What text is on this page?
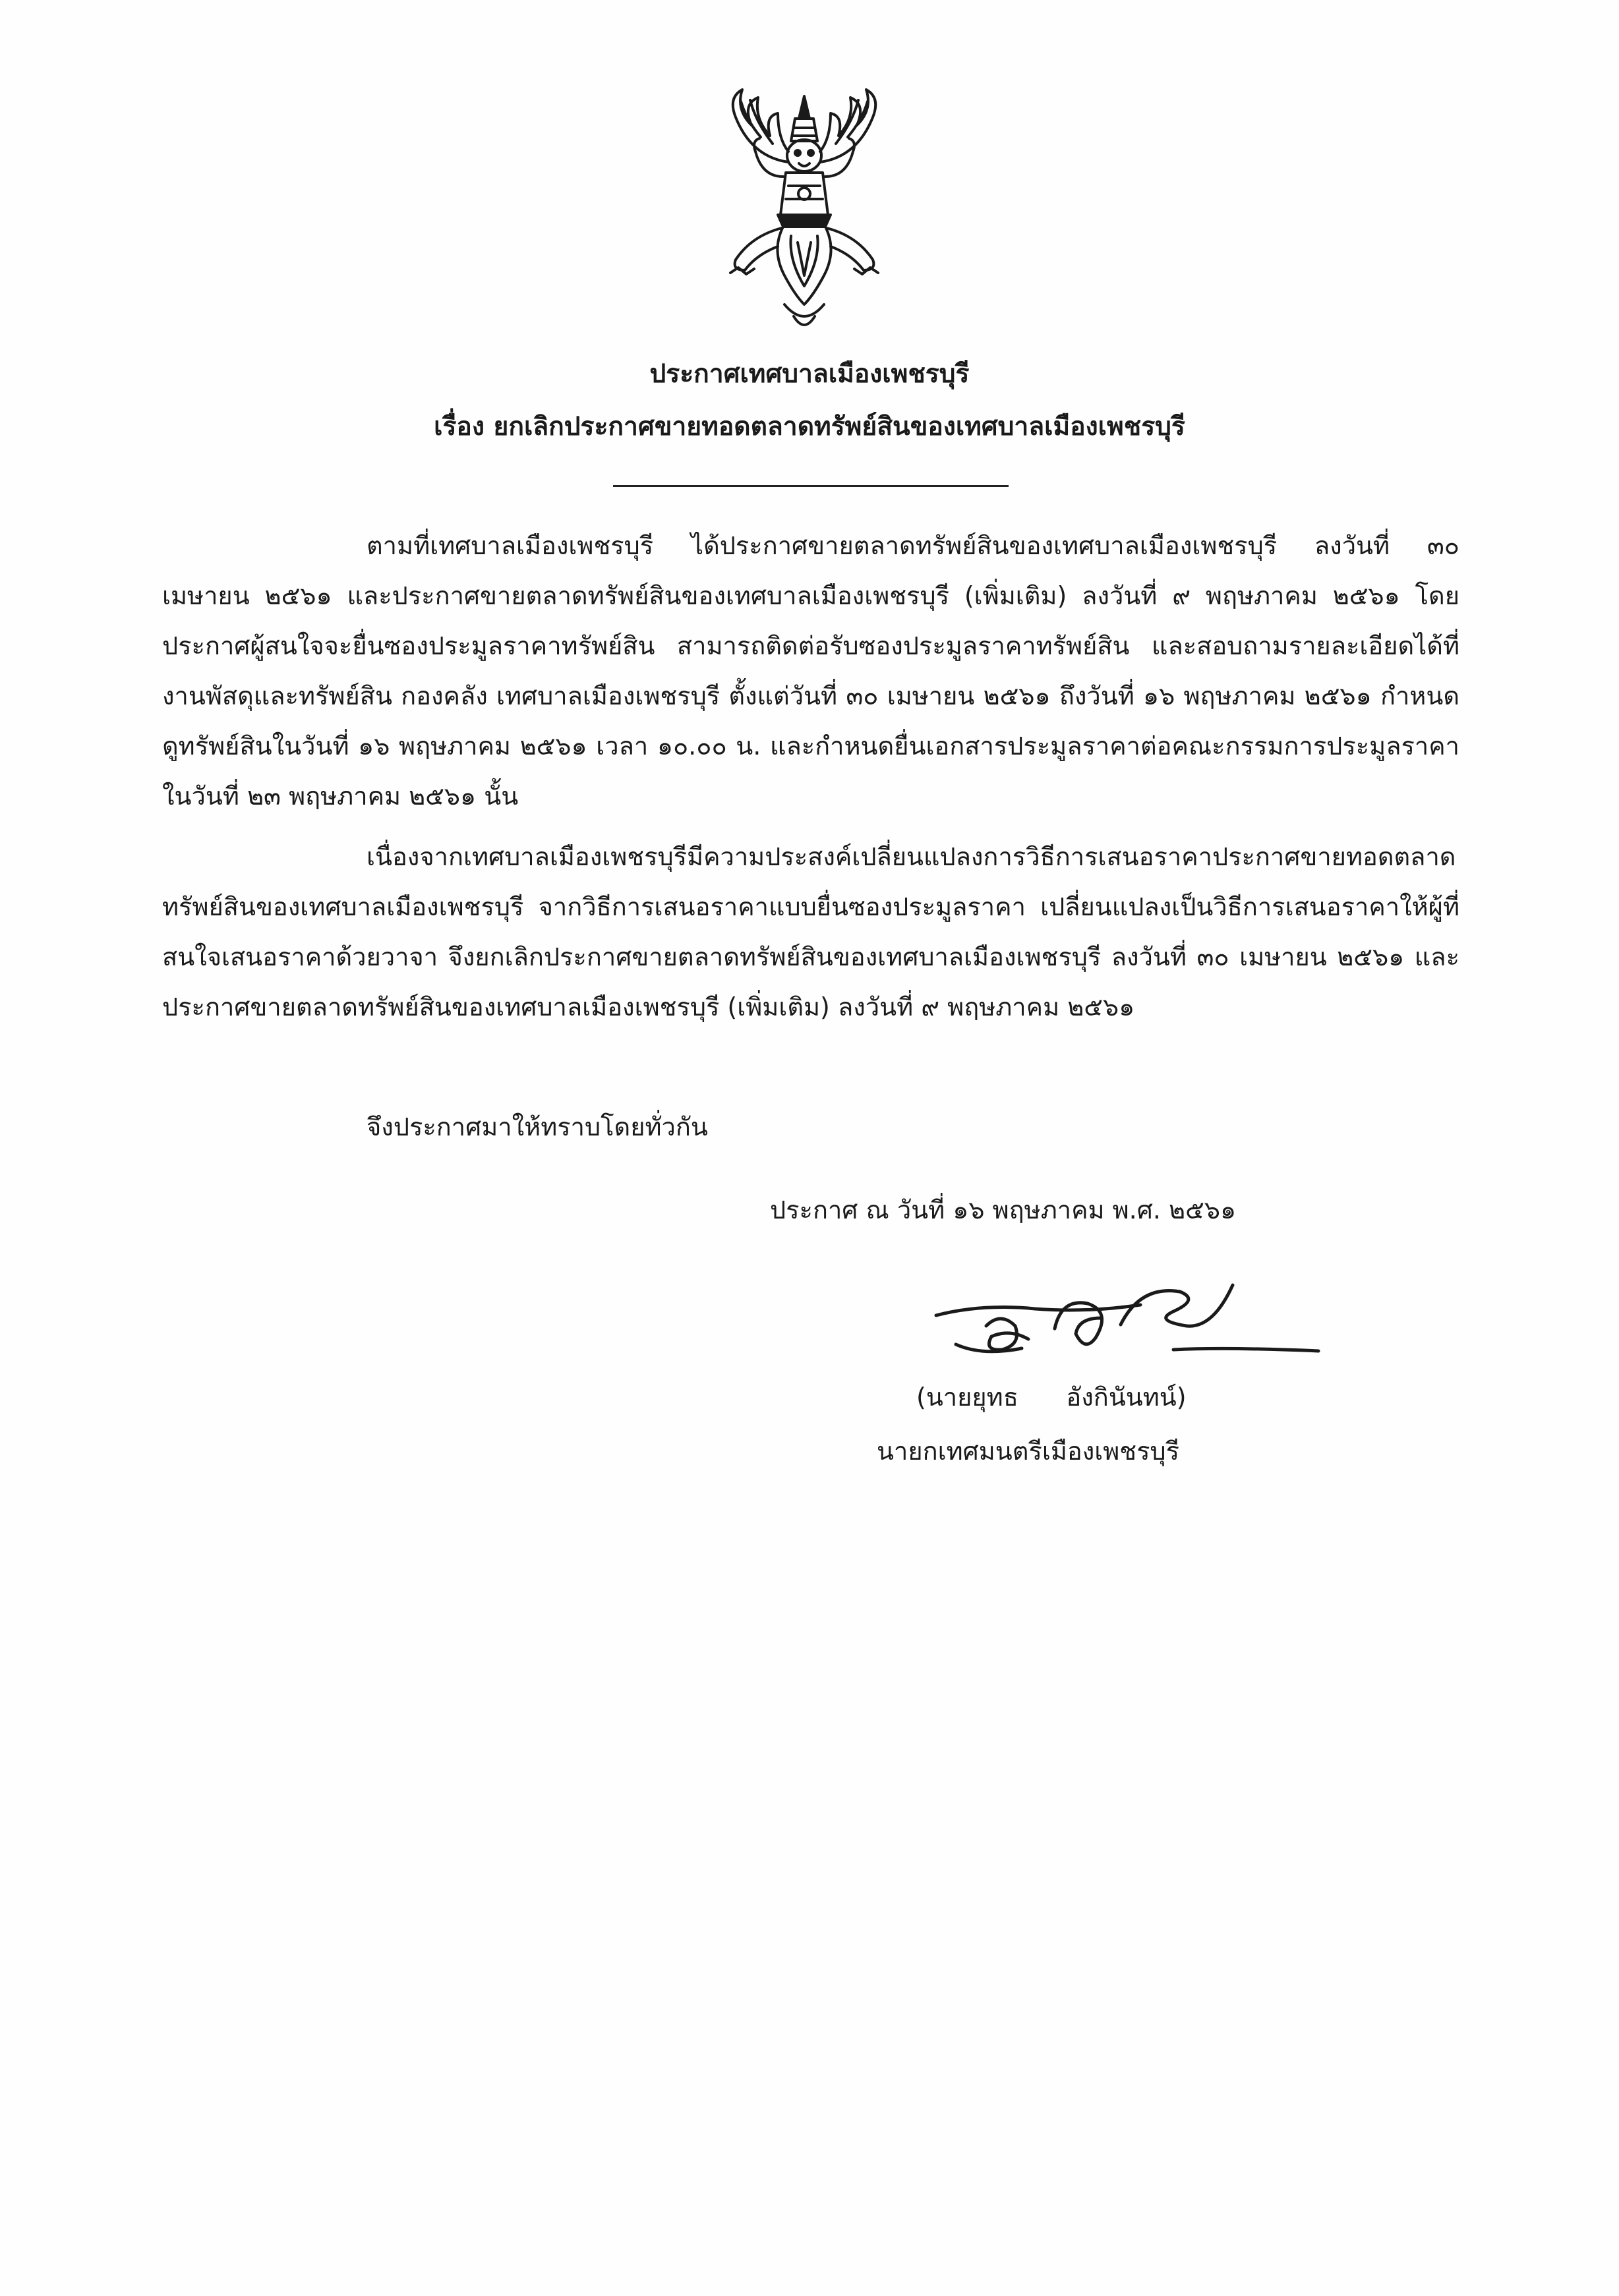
ประกาศเทศบาลเมืองเพชรบุรี
เรื่อง ยกเลิกประกาศขายทอดตลาดทรัพย์สินของเทศบาลเมืองเพชรบุรี

ตามที่เทศบาลเมืองเพชรบุรี ได้ประกาศขายตลาดทรัพย์สินของเทศบาลเมืองเพชรบุรี ลงวันที่ ๓๐ เมษายน ๒๕๖๑ และประกาศขายตลาดทรัพย์สินของเทศบาลเมืองเพชรบุรี (เพิ่มเติม) ลงวันที่ ๙ พฤษภาคม ๒๕๖๑ โดยประกาศผู้สนใจจะยื่นซองประมูลราคาทรัพย์สิน สามารถติดต่อรับซองประมูลราคาทรัพย์สิน และสอบถามรายละเอียดได้ที่งานพัสดุและทรัพย์สิน กองคลัง เทศบาลเมืองเพชรบุรี ตั้งแต่วันที่ ๓๐ เมษายน ๒๕๖๑ ถึงวันที่ ๑๖ พฤษภาคม ๒๕๖๑ กำหนดดูทรัพย์สินในวันที่ ๑๖ พฤษภาคม ๒๕๖๑ เวลา ๑๐.๐๐ น. และกำหนดยื่นเอกสารประมูลราคาต่อคณะกรรมการประมูลราคาในวันที่ ๒๓ พฤษภาคม ๒๕๖๑ นั้น

เนื่องจากเทศบาลเมืองเพชรบุรีมีความประสงค์เปลี่ยนแปลงการวิธีการเสนอราคาประกาศขายทอดตลาดทรัพย์สินของเทศบาลเมืองเพชรบุรี จากวิธีการเสนอราคาแบบยื่นซองประมูลราคา เปลี่ยนแปลงเป็นวิธีการเสนอราคาให้ผู้ที่สนใจเสนอราคาด้วยวาจา จึงยกเลิกประกาศขายตลาดทรัพย์สินของเทศบาลเมืองเพชรบุรี ลงวันที่ ๓๐ เมษายน ๒๕๖๑ และประกาศขายตลาดทรัพย์สินของเทศบาลเมืองเพชรบุรี (เพิ่มเติม) ลงวันที่ ๙ พฤษภาคม ๒๕๖๑

จึงประกาศมาให้ทราบโดยทั่วกัน
ประกาศ ณ วันที่ ๑๖ พฤษภาคม พ.ศ. ๒๕๖๑
(นายยุทธ      อังกินันทน์)
นายกเทศมนตรีเมืองเพชรบุรี
